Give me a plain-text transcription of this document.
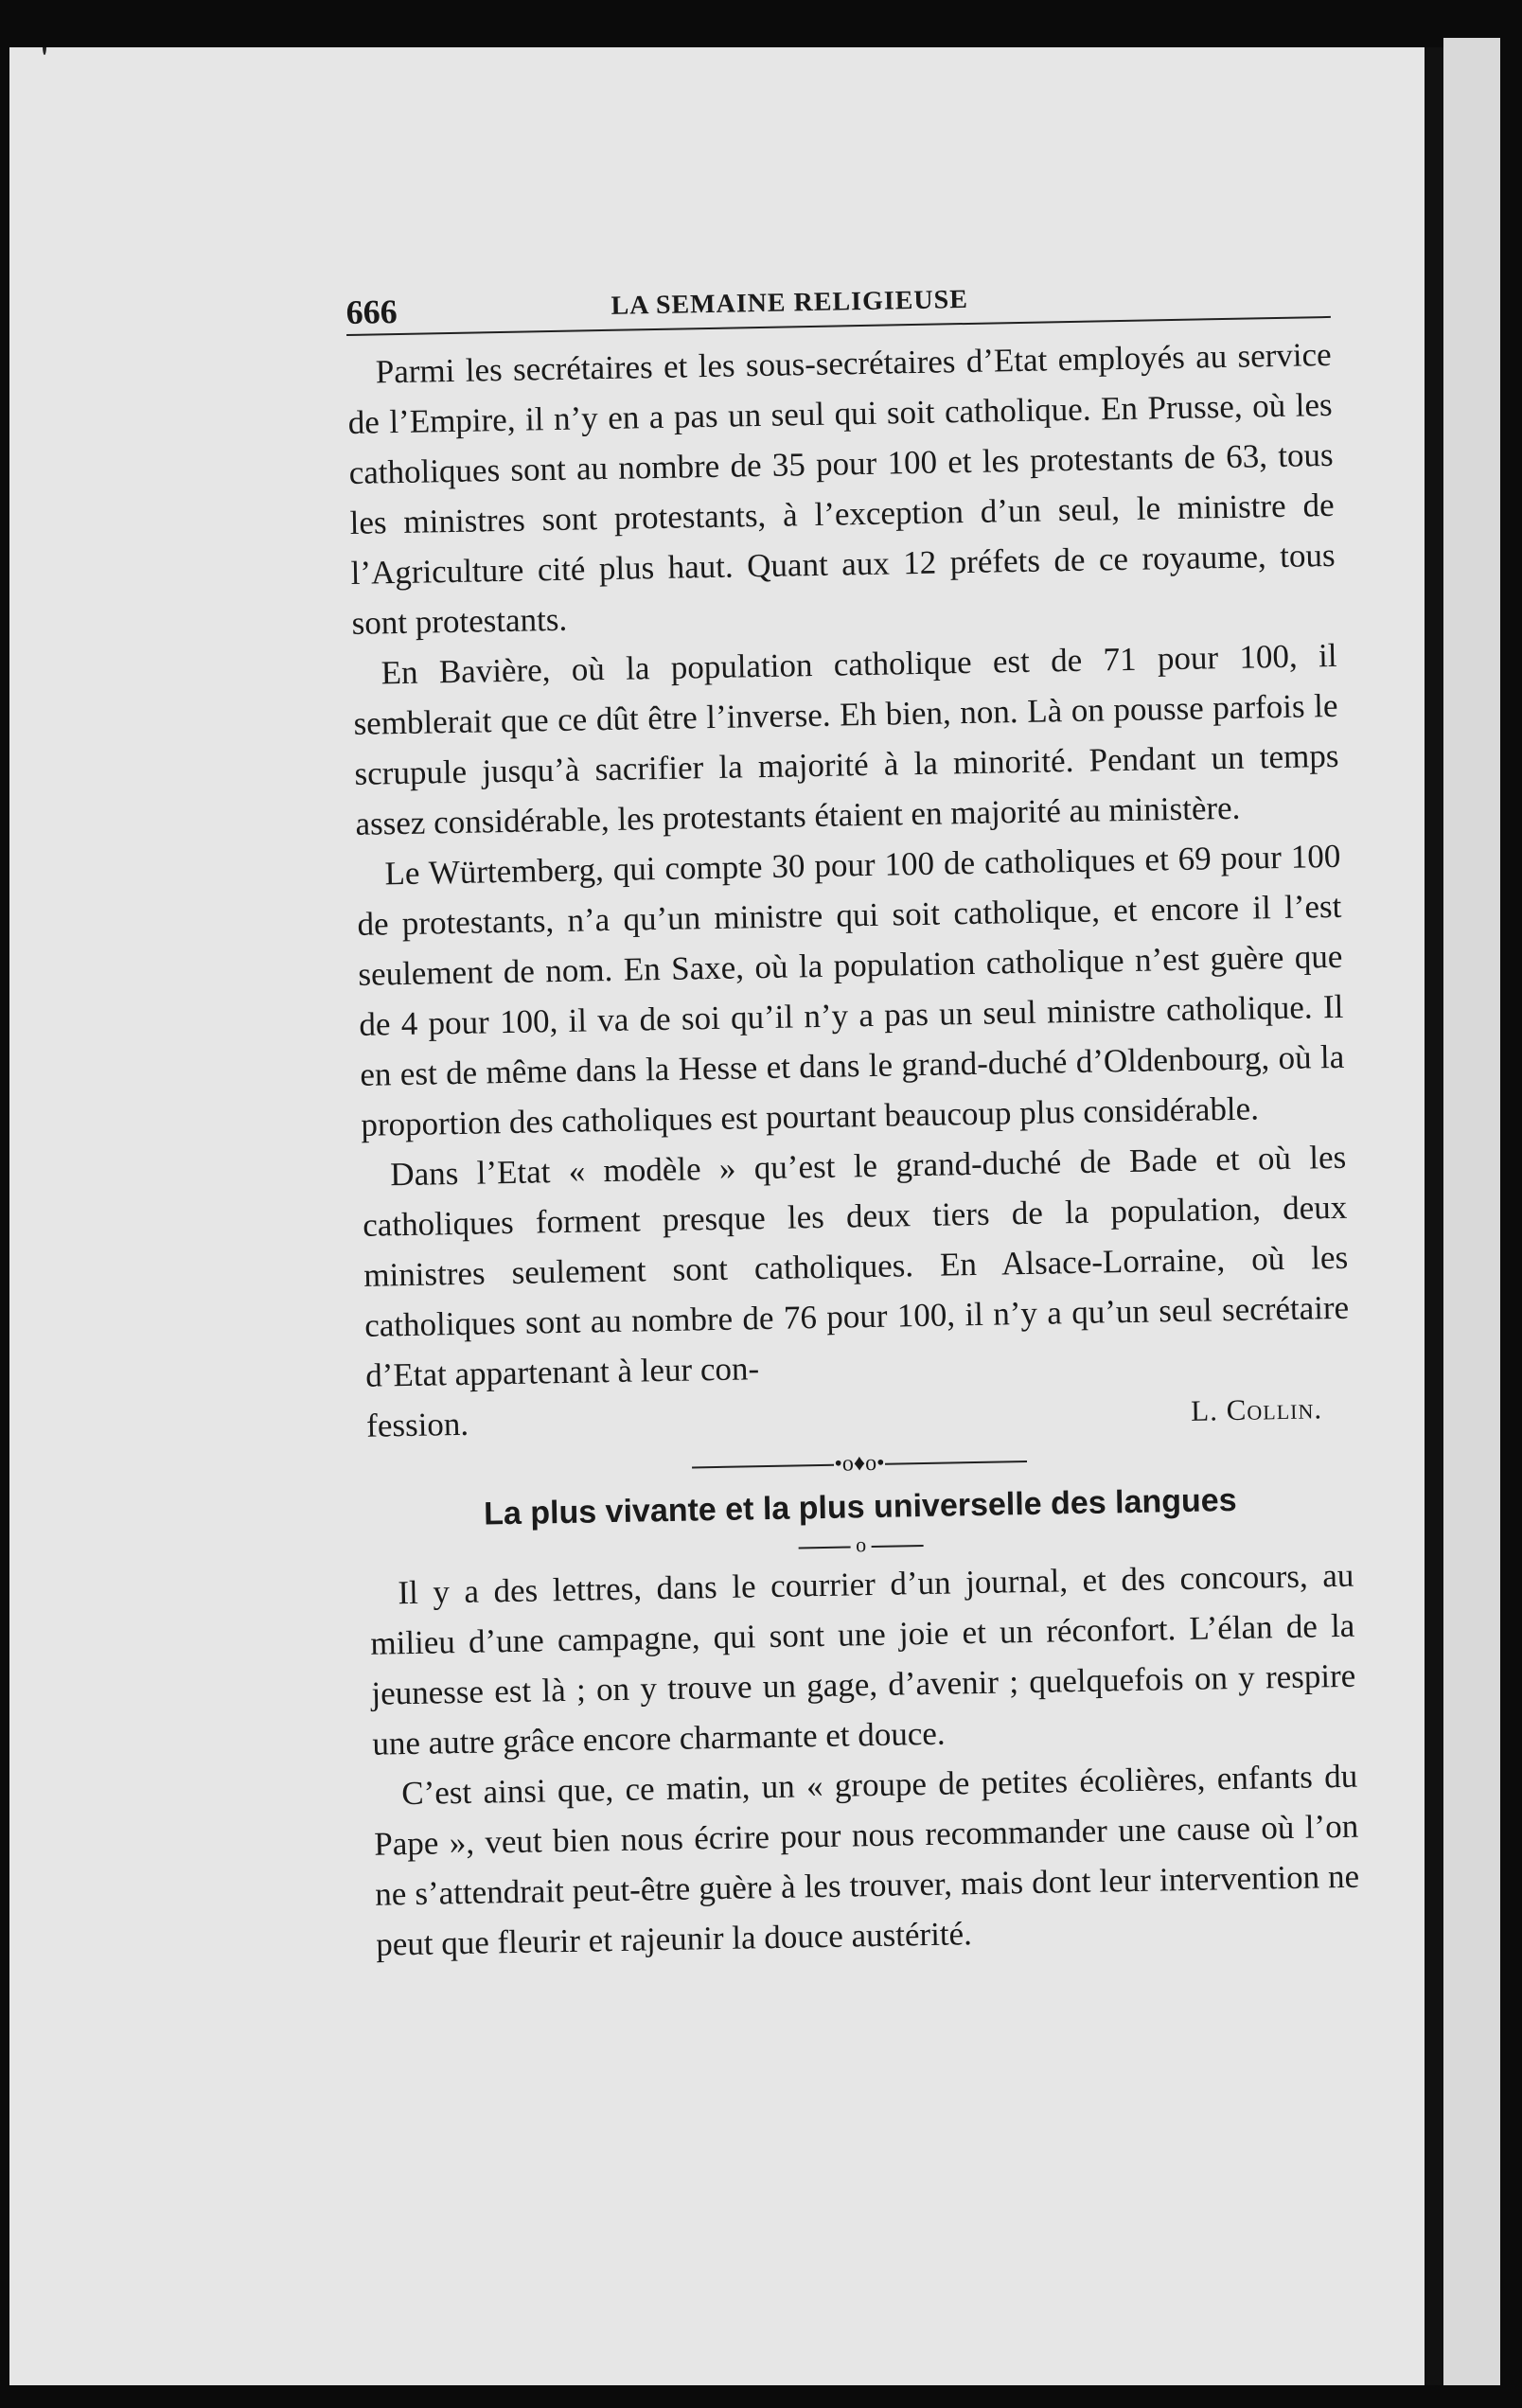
666	LA SEMAINE RELIGIEUSE

Parmi les secrétaires et les sous-secrétaires d’Etat employés au service de l’Empire, il n’y en a pas un seul qui soit catholique. En Prusse, où les catholiques sont au nombre de 35 pour 100 et les protestants de 63, tous les ministres sont protestants, à l’exception d’un seul, le ministre de l’Agriculture cité plus haut. Quant aux 12 préfets de ce royaume, tous sont protestants.

En Bavière, où la population catholique est de 71 pour 100, il semblerait que ce dût être l’inverse. Eh bien, non. Là on pousse parfois le scrupule jusqu’à sacrifier la majorité à la minorité. Pendant un temps assez considérable, les protestants étaient en majorité au ministère.

Le Würtemberg, qui compte 30 pour 100 de catholiques et 69 pour 100 de protestants, n’a qu’un ministre qui soit catholique, et encore il l’est seulement de nom. En Saxe, où la population catholique n’est guère que de 4 pour 100, il va de soi qu’il n’y a pas un seul ministre catholique. Il en est de même dans la Hesse et dans le grand-duché d’Oldenbourg, où la proportion des catholiques est pourtant beaucoup plus considérable.

Dans l’Etat « modèle » qu’est le grand-duché de Bade et où les catholiques forment presque les deux tiers de la population, deux ministres seulement sont catholiques. En Alsace-Lorraine, où les catholiques sont au nombre de 76 pour 100, il n’y a qu’un seul secrétaire d’Etat appartenant à leur con-

fession.	L. Collin.
•o♦o•
La plus vivante et la plus universelle des langues
o

Il y a des lettres, dans le courrier d’un journal, et des concours, au milieu d’une campagne, qui sont une joie et un réconfort. L’élan de la jeunesse est là ; on y trouve un gage, d’avenir ; quelquefois on y respire une autre grâce encore charmante et douce.

C’est ainsi que, ce matin, un « groupe de petites écolières, enfants du Pape », veut bien nous écrire pour nous recommander une cause où l’on ne s’attendrait peut-être guère à les trouver, mais dont leur intervention ne peut que fleurir et rajeunir la douce austérité.
